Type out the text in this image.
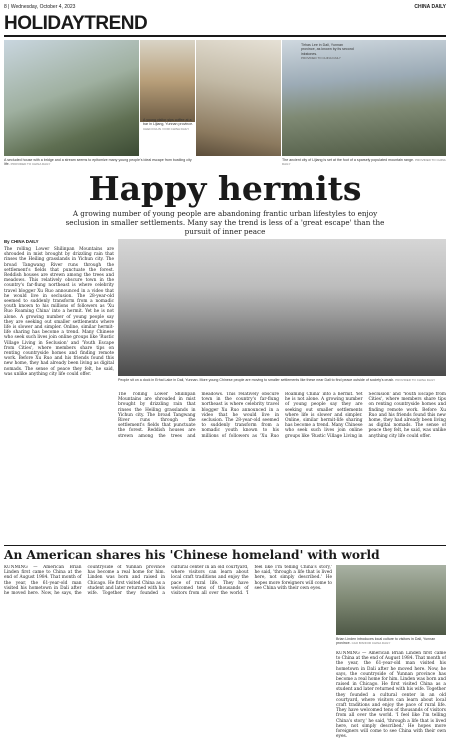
8 | Wednesday, October 4, 2023	CHINA DAILY
HOLIDAYTREND
A young visitor sips coffee at a bar in Lijiang, Yunnan province.
CHEN FULIN / FOR CHINA DAILY
Tirhas Lee in Dali, Yunnan province, as known by its second inkstones.
PROVIDED TO CHINA DAILY
A secluded house with a bridge and a stream seems to epitomize many young people's ideal escape from bustling city life. PROVIDED TO CHINA DAILY
The ancient city of Lijiang is set at the foot of a sparsely populated mountain range. PROVIDED TO CHINA DAILY
Happy hermits
A growing number of young people are abandoning frantic urban lifestyles to enjoy seclusion in smaller settlements. Many say the trend is less of a 'great escape' than the pursuit of inner peace
By CHINA DAILY
The rolling Lower Shilinpan Mountains are shrouded in mist brought by drizzling rain that rinses the Heiling grasslands in Yichun city. The broad Tangwang River runs through the settlement's fields that punctuate the forest. Reddish houses are strewn among the trees and meadows. This relatively obscure town in the country's far-flung northeast is where celebrity travel blogger Xu Ruo announced in a video that he would live in seclusion. The 28-year-old seemed to suddenly transform from a nomadic youth known to his millions of followers as 'Xu Ruo Roaming China' into a hermit. Yet he is not alone. A growing number of young people say they are seeking out smaller settlements where life is slower and simpler. Online, similar hermit-life sharing has become a trend. Many Chinese who seek such lives join online groups like 'Rustic Village Living in Seclusion' and 'Youth Escape from Cities', where members share tips on renting countryside homes and finding remote work. Before Xu Ruo and his friends found this new home, they had already been living as digital nomads. The sense of peace they felt, he said, was unlike anything city life could offer.
People sit on a dock in Erhai Lake in Dali, Yunnan. More young Chinese people are moving to smaller settlements like these near Dali to find peace outside of society's crush. PROVIDED TO CHINA DAILY
The rolling Lower Shilinpan Mountains are shrouded in mist brought by drizzling rain that rinses the Heiling grasslands in Yichun city. The broad Tangwang River runs through the settlement's fields that punctuate the forest. Reddish houses are strewn among the trees and meadows. This relatively obscure town in the country's far-flung northeast is where celebrity travel blogger Xu Ruo announced in a video that he would live in seclusion. The 28-year-old seemed to suddenly transform from a nomadic youth known to his millions of followers as 'Xu Ruo Roaming China' into a hermit. Yet he is not alone. A growing number of young people say they are seeking out smaller settlements where life is slower and simpler. Online, similar hermit-life sharing has become a trend. Many Chinese who seek such lives join online groups like 'Rustic Village Living in Seclusion' and 'Youth Escape from Cities', where members share tips on renting countryside homes and finding remote work. Before Xu Ruo and his friends found this new home, they had already been living as digital nomads. The sense of peace they felt, he said, was unlike anything city life could offer.
An American shares his 'Chinese homeland' with world
KUNMING — American Brian Linden first came to China at the end of August 1984. That month of the year, the 61-year-old man visited his hometown in Dali after he moved here. Now, he says, the countryside of Yunnan province has become a real home for him. Linden was born and raised in Chicago. He first visited China as a student and later returned with his wife. Together they founded a cultural center in an old courtyard, where visitors can learn about local craft traditions and enjoy the pace of rural life. They have welcomed tens of thousands of visitors from all over the world. 'I feel like I'm telling China's story,' he said, 'through a life that is lived here, not simply described.' He hopes more foreigners will come to see China with their own eyes.
Brian Linden introduces local culture to visitors in Dali, Yunnan province. CAO BIN/FOR CHINA DAILY
KUNMING — American Brian Linden first came to China at the end of August 1984. That month of the year, the 61-year-old man visited his hometown in Dali after he moved here. Now, he says, the countryside of Yunnan province has become a real home for him. Linden was born and raised in Chicago. He first visited China as a student and later returned with his wife. Together they founded a cultural center in an old courtyard, where visitors can learn about local craft traditions and enjoy the pace of rural life. They have welcomed tens of thousands of visitors from all over the world. 'I feel like I'm telling China's story,' he said, 'through a life that is lived here, not simply described.' He hopes more foreigners will come to see China with their own eyes.
